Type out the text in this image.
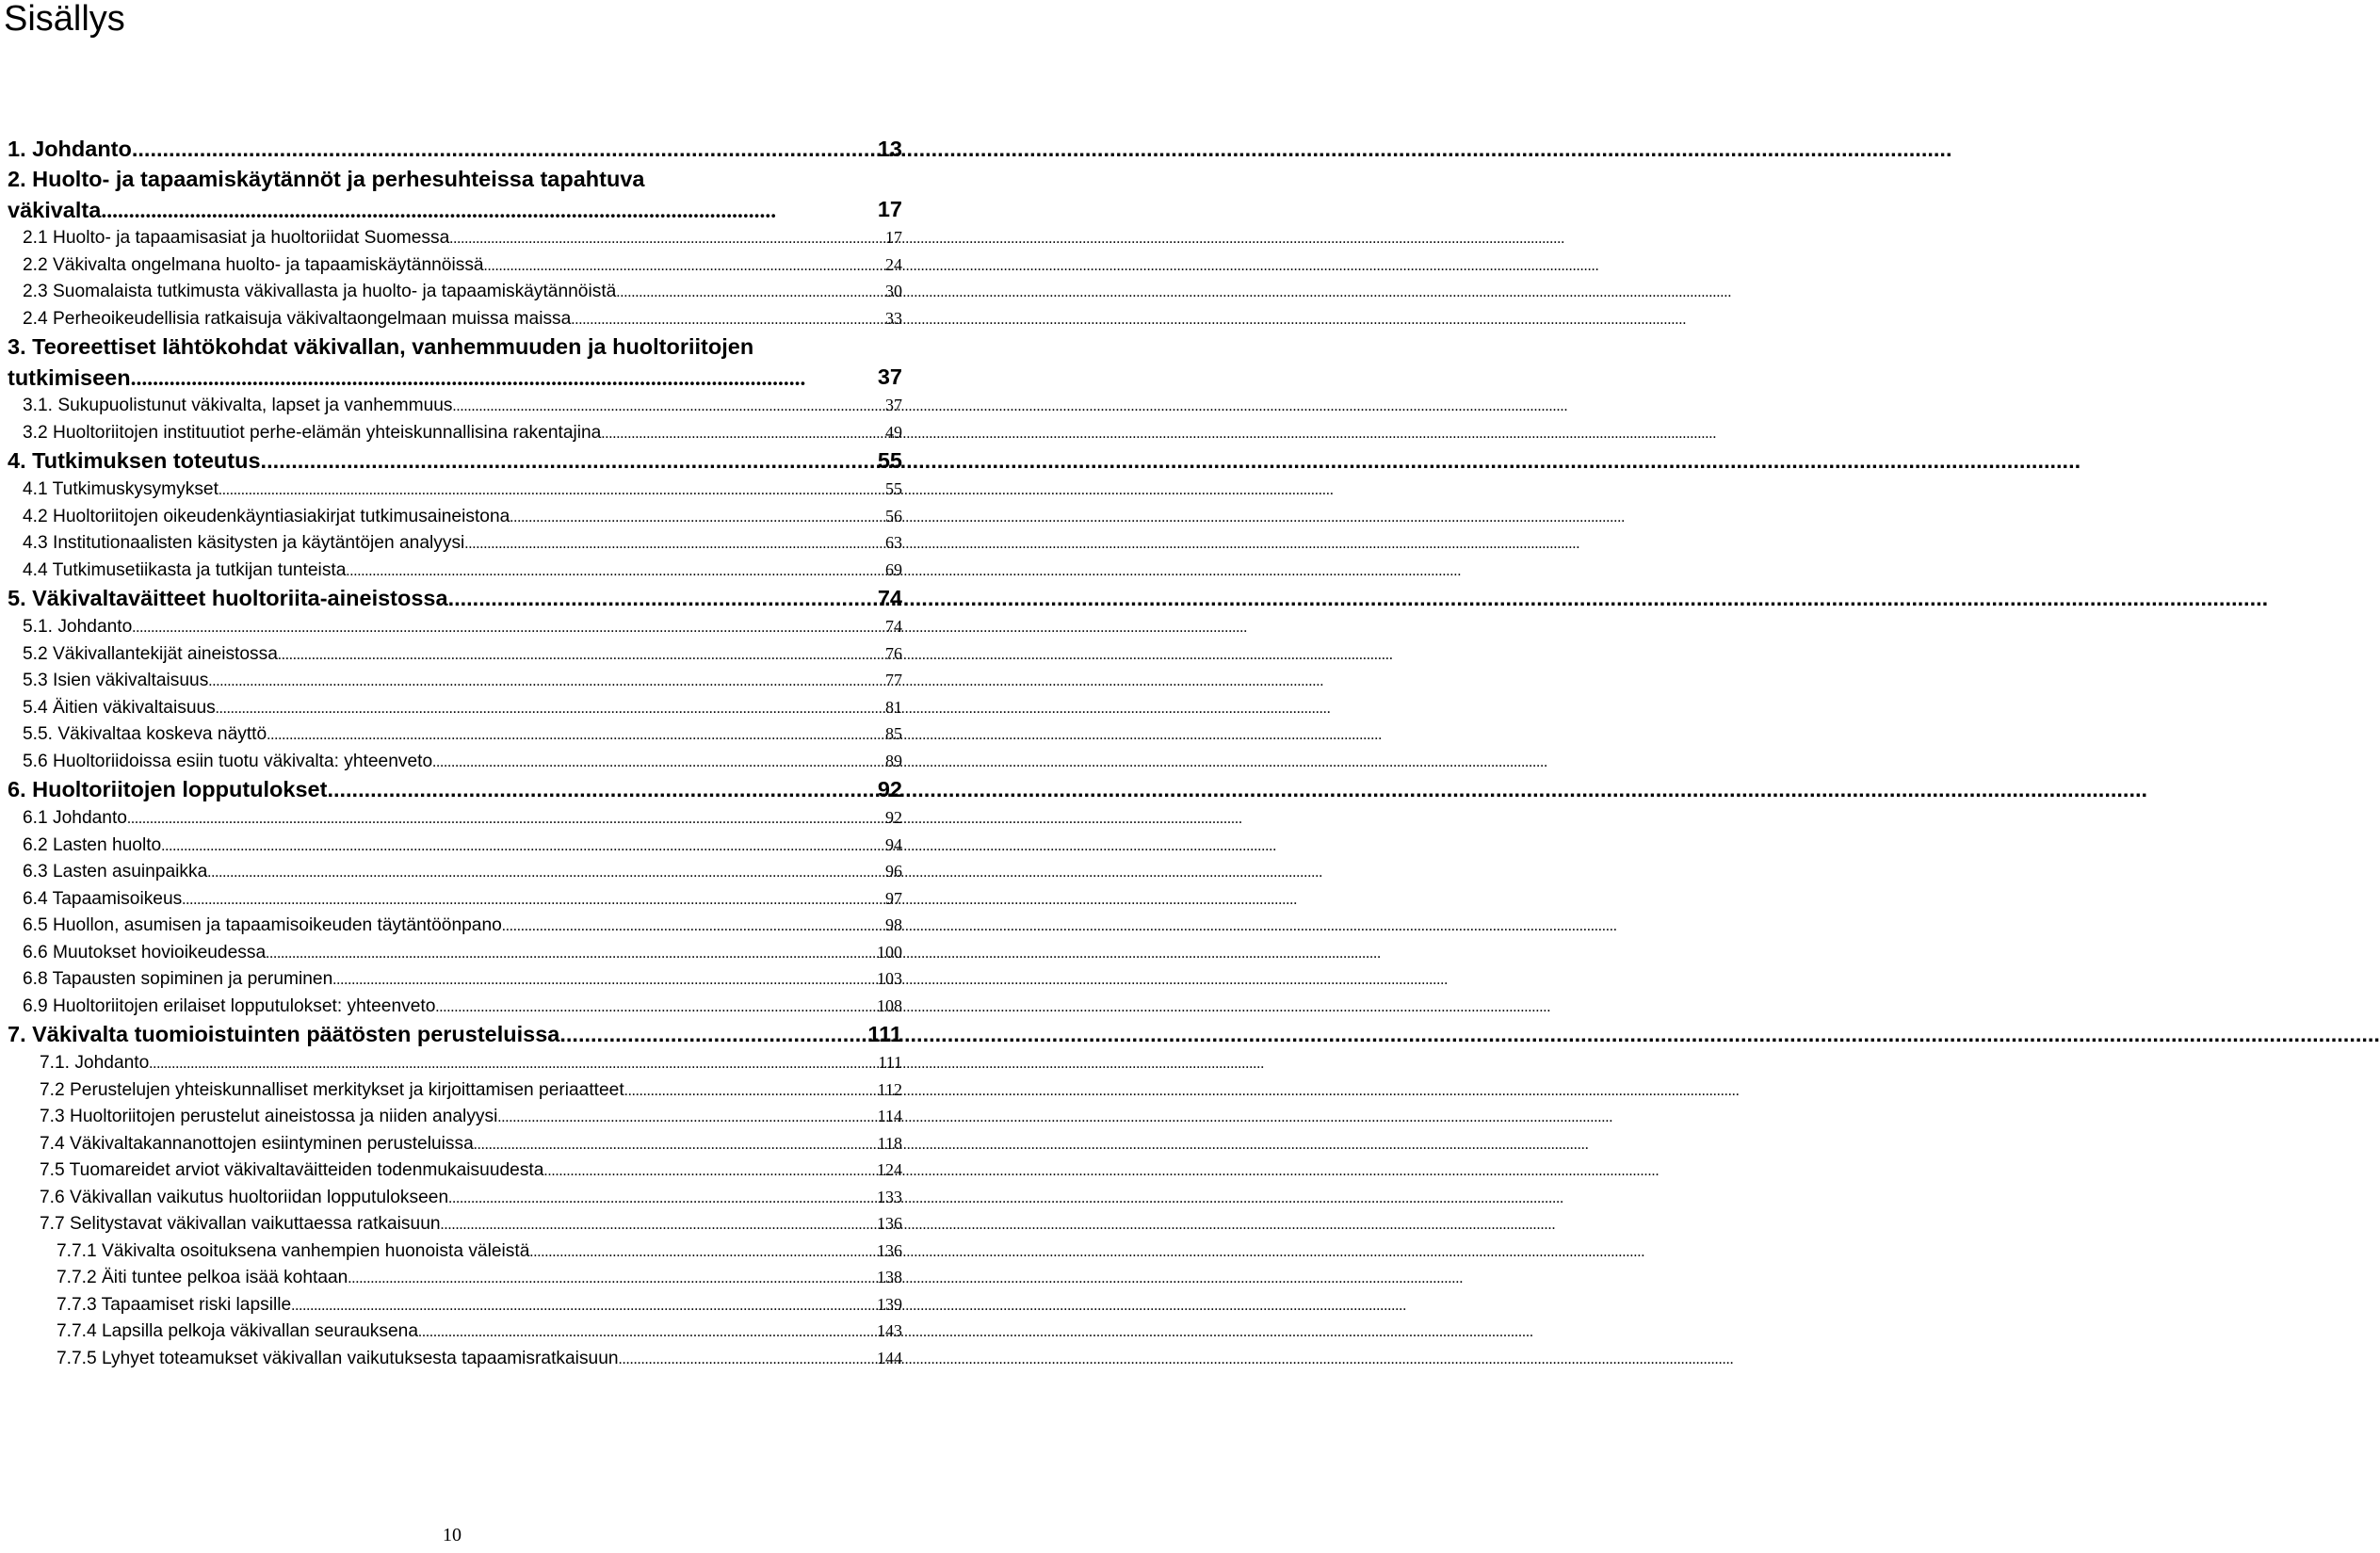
Sisällys
1. Johdanto .....	13
2. Huolto- ja tapaamiskäytännöt ja perhesuhteissa tapahtuva väkivalta..........................................................................................................................	17
2.1 Huolto- ja tapaamisasiat ja huoltoriidat Suomessa .....	17
2.2 Väkivalta ongelmana huolto- ja tapaamiskäytännöissä .....	24
2.3 Suomalaista tutkimusta väkivallasta ja huolto- ja tapaamiskäytännöistä .....	30
2.4 Perheoikeudellisia ratkaisuja väkivaltaongelmaan muissa maissa .....	33
3. Teoreettiset lähtökohdat väkivallan, vanhemmuuden ja huoltoriitojen tutkimiseen..........................................................................................................................	37
3.1. Sukupuolistunut väkivalta, lapset ja vanhemmuus .....	37
3.2 Huoltoriitojen instituutiot perhe-elämän yhteiskunnallisina rakentajina .....	49
4. Tutkimuksen toteutus .....	55
4.1 Tutkimuskysymykset .....	55
4.2 Huoltoriitojen oikeudenkäyntiasiakirjat tutkimusaineistona .....	56
4.3 Institutionaalisten käsitysten ja käytäntöjen analyysi .....	63
4.4 Tutkimusetiikasta ja tutkijan tunteista .....	69
5. Väkivaltaväitteet huoltoriita-aineistossa .....	74
5.1. Johdanto .....	74
5.2 Väkivallantekijät aineistossa .....	76
5.3 Isien väkivaltaisuus .....	77
5.4 Äitien väkivaltaisuus .....	81
5.5. Väkivaltaa koskeva näyttö .....	85
5.6 Huoltoriidoissa esiin tuotu väkivalta: yhteenveto .....	89
6. Huoltoriitojen lopputulokset .....	92
6.1 Johdanto .....	92
6.2 Lasten huolto .....	94
6.3 Lasten asuinpaikka .....	96
6.4 Tapaamisoikeus .....	97
6.5 Huollon, asumisen ja tapaamisoikeuden täytäntöönpano .....	98
6.6 Muutokset hovioikeudessa .....	100
6.8 Tapausten sopiminen ja peruminen .....	103
6.9 Huoltoriitojen erilaiset lopputulokset: yhteenveto .....	108
7. Väkivalta tuomioistuinten päätösten perusteluissa .....	111
7.1. Johdanto .....	111
7.2 Perustelujen yhteiskunnalliset merkitykset ja kirjoittamisen periaatteet .....	112
7.3 Huoltoriitojen perustelut aineistossa ja niiden analyysi .....	114
7.4 Väkivaltakannanottojen esiintyminen perusteluissa .....	118
7.5 Tuomareidet arviot väkivaltaväitteiden todenmukaisuudesta .....	124
7.6 Väkivallan vaikutus huoltoriidan lopputulokseen .....	133
7.7 Selitystavat väkivallan vaikuttaessa ratkaisuun .....	136
7.7.1 Väkivalta osoituksena vanhempien huonoista väleistä .....	136
7.7.2 Äiti tuntee pelkoa isää kohtaan .....	138
7.7.3 Tapaamiset riski lapsille .....	139
7.7.4 Lapsilla pelkoja väkivallan seurauksena .....	143
7.7.5 Lyhyet toteamukset väkivallan vaikutuksesta tapaamisratkaisuun .....	144
10
